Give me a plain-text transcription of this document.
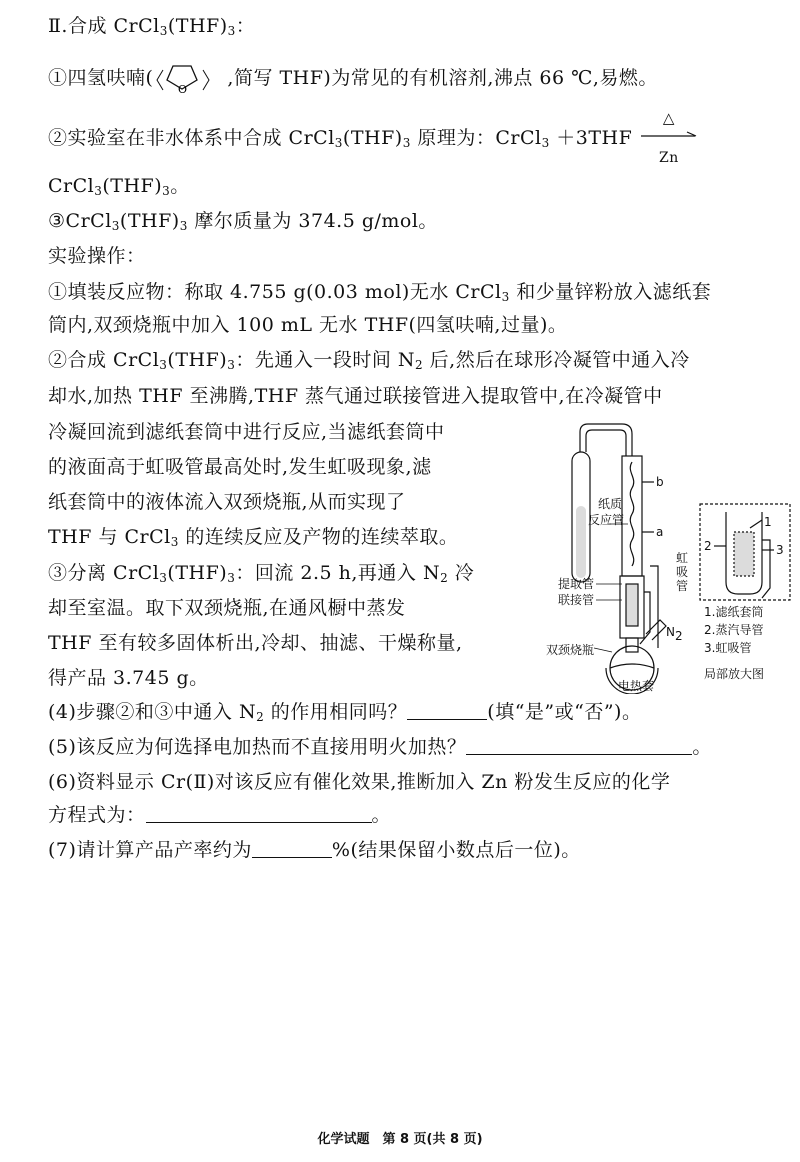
Ⅱ.合成 $CrCl_3(THF)_3$：
①四氢呋喃(
O
,简写 THF)为常见的有机溶剂,沸点 66 ℃,易燃。
②实验室在非水体系中合成 $CrCl_3(THF)_3$ 原理为：CrCl$_3$ ＋3THF
△
Zn
$CrCl_3(THF)_3$。
$③CrCl_3(THF)_3$ 摩尔质量为 374.5 g/mol。
实验操作：
①填装反应物：称取 4.755 g(0.03 mol)无水 CrCl$_3$ 和少量锌粉放入滤纸套
筒内,双颈烧瓶中加入 100 mL 无水 THF(四氢呋喃,过量)。
②合成 $CrCl_3(THF)_3$：先通入一段时间 $N_2$ 后,然后在球形冷凝管中通入冷
却水,加热 THF 至沸腾,THF 蒸气通过联接管进入提取管中,在冷凝管中
冷凝回流到滤纸套筒中进行反应,当滤纸套筒中
的液面高于虹吸管最高处时,发生虹吸现象,滤
纸套筒中的液体流入双颈烧瓶,从而实现了
THF 与 CrCl$_3$ 的连续反应及产物的连续萃取。
③分离 $CrCl_3(THF)_3$：回流 2.5 h,再通入 $N_2$ 冷
却至室温。取下双颈烧瓶,在通风橱中蒸发
THF 至有较多固体析出,冷却、抽滤、干燥称量,
得产品 3.745 g。
(4)步骤②和③中通入 $N_2$ 的作用相同吗？	(填“是”或“否”)。
(5)该反应为何选择电加热而不直接用明火加热？	。
(6)资料显示 Cr(Ⅱ)对该反应有催化效果,推断加入 Zn 粉发生反应的化学
方程式为：	。
(7)请计算产品产率约为	%(结果保留小数点后一位)。
b
a
纸质
反应管
虹
吸
管
提取管
联接管
N 2
双颈烧瓶
电热套
2
1
3
1.滤纸套筒
2.蒸汽导管
3.虹吸管
局部放大图
化学试题　第 8 页(共 8 页)
